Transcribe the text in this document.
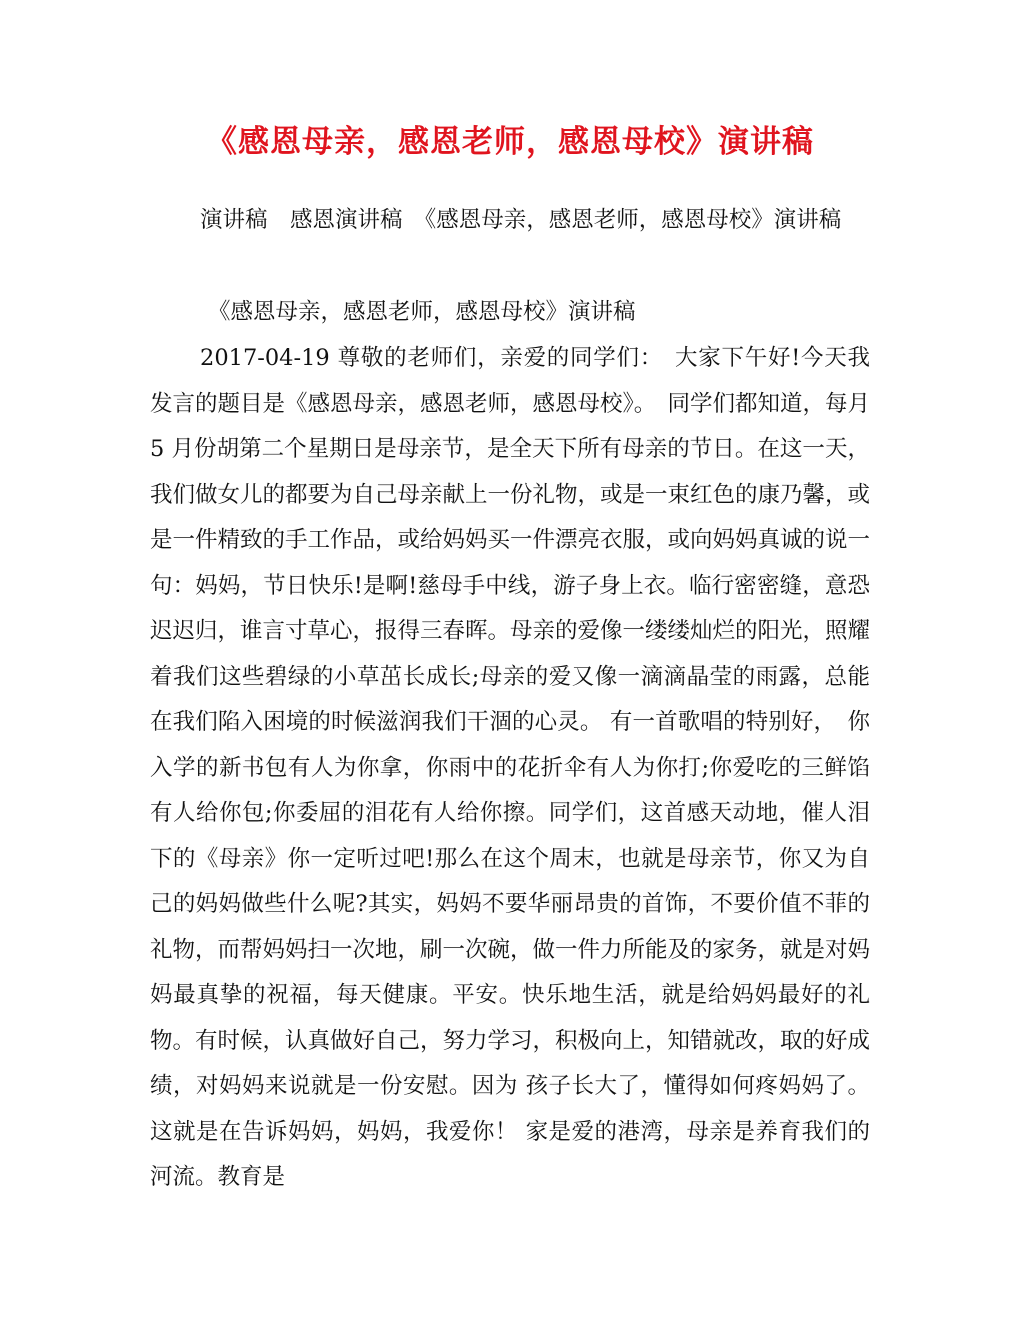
《感恩母亲，感恩老师，感恩母校》演讲稿
演讲稿　感恩演讲稿　《感恩母亲，感恩老师，感恩母校》演讲稿
《感恩母亲，感恩老师，感恩母校》演讲稿
2017-04-19 尊敬的老师们，亲爱的同学们：　大家下午好!今天我发言的题目是《感恩母亲，感恩老师，感恩母校》。　同学们都知道，每月5 月份胡第二个星期日是母亲节，是全天下所有母亲的节日。在这一天，我们做女儿的都要为自己母亲献上一份礼物，或是一束红色的康乃馨，或是一件精致的手工作品，或给妈妈买一件漂亮衣服，或向妈妈真诚的说一句：妈妈，节日快乐!是啊!慈母手中线，游子身上衣。临行密密缝，意恐迟迟归，谁言寸草心，报得三春晖。母亲的爱像一缕缕灿烂的阳光，照耀着我们这些碧绿的小草茁长成长;母亲的爱又像一滴滴晶莹的雨露，总能在我们陷入困境的时候滋润我们干涸的心灵。 有一首歌唱的特别好，　你入学的新书包有人为你拿，你雨中的花折伞有人为你打;你爱吃的三鲜馅有人给你包;你委屈的泪花有人给你擦。同学们，这首感天动地，催人泪下的《母亲》你一定听过吧!那么在这个周末，也就是母亲节，你又为自己的妈妈做些什么呢?其实，妈妈不要华丽昂贵的首饰，不要价值不菲的礼物，而帮妈妈扫一次地，刷一次碗，做一件力所能及的家务，就是对妈妈最真挚的祝福，每天健康。平安。快乐地生活，就是给妈妈最好的礼物。有时候，认真做好自己，努力学习，积极向上，知错就改，取的好成绩，对妈妈来说就是一份安慰。因为 孩子长大了，懂得如何疼妈妈了。这就是在告诉妈妈，妈妈，我爱你！ 家是爱的港湾，母亲是养育我们的河流。教育是
